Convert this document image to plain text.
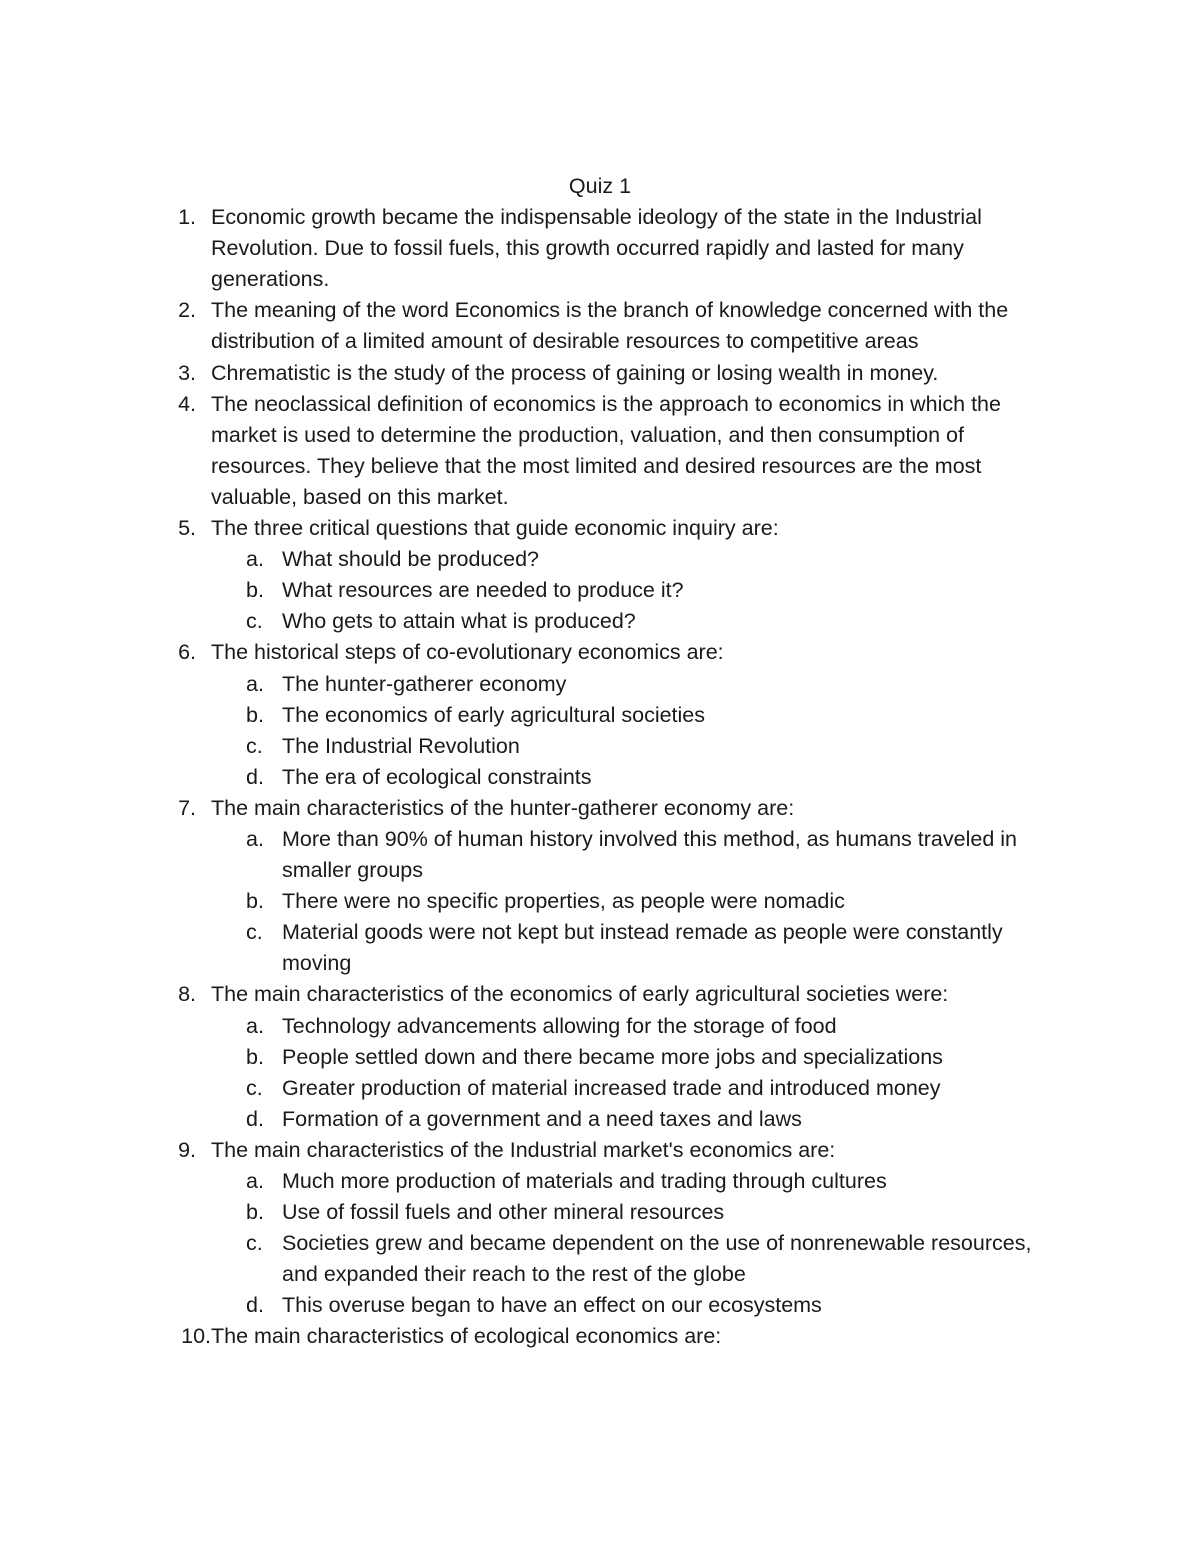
Quiz 1
1. Economic growth became the indispensable ideology of the state in the Industrial Revolution. Due to fossil fuels, this growth occurred rapidly and lasted for many generations.
2. The meaning of the word Economics is the branch of knowledge concerned with the distribution of a limited amount of desirable resources to competitive areas
3. Chrematistic is the study of the process of gaining or losing wealth in money.
4. The neoclassical definition of economics is the approach to economics in which the market is used to determine the production, valuation, and then consumption of resources. They believe that the most limited and desired resources are the most valuable, based on this market.
5. The three critical questions that guide economic inquiry are:
a. What should be produced?
b. What resources are needed to produce it?
c. Who gets to attain what is produced?
6. The historical steps of co-evolutionary economics are:
a. The hunter-gatherer economy
b. The economics of early agricultural societies
c. The Industrial Revolution
d. The era of ecological constraints
7. The main characteristics of the hunter-gatherer economy are:
a. More than 90% of human history involved this method, as humans traveled in smaller groups
b. There were no specific properties, as people were nomadic
c. Material goods were not kept but instead remade as people were constantly moving
8. The main characteristics of the economics of early agricultural societies were:
a. Technology advancements allowing for the storage of food
b. People settled down and there became more jobs and specializations
c. Greater production of material increased trade and introduced money
d. Formation of a government and a need taxes and laws
9. The main characteristics of the Industrial market's economics are:
a. Much more production of materials and trading through cultures
b. Use of fossil fuels and other mineral resources
c. Societies grew and became dependent on the use of nonrenewable resources, and expanded their reach to the rest of the globe
d. This overuse began to have an effect on our ecosystems
10. The main characteristics of ecological economics are:
